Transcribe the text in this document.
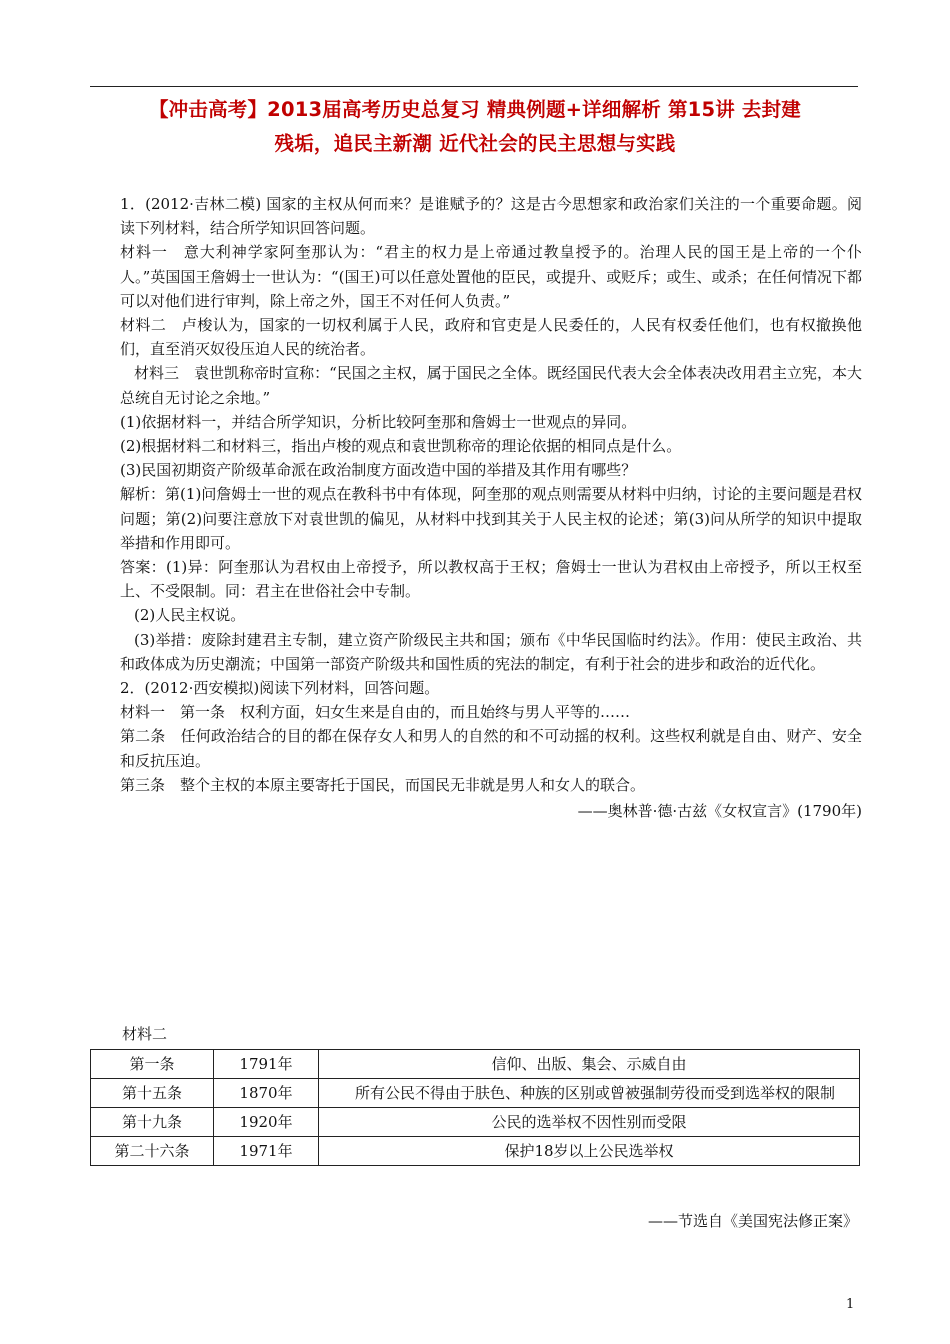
【冲击高考】2013届高考历史总复习 精典例题+详细解析 第15讲 去封建
残垢，追民主新潮 近代社会的民主思想与实践

1．(2012·吉林二模) 国家的主权从何而来？是谁赋予的？这是古今思想家和政治家们关注的一个重要命题。阅读下列材料，结合所学知识回答问题。

材料一　意大利神学家阿奎那认为：“君主的权力是上帝通过教皇授予的。治理人民的国王是上帝的一个仆人。”英国国王詹姆士一世认为：“(国王)可以任意处置他的臣民，或提升、或贬斥；或生、或杀；在任何情况下都可以对他们进行审判，除上帝之外，国王不对任何人负责。”

材料二　卢梭认为，国家的一切权利属于人民，政府和官吏是人民委任的，人民有权委任他们，也有权撤换他们，直至消灭奴役压迫人民的统治者。

材料三　袁世凯称帝时宣称：“民国之主权，属于国民之全体。既经国民代表大会全体表决改用君主立宪，本大总统自无讨论之余地。”

(1)依据材料一，并结合所学知识，分析比较阿奎那和詹姆士一世观点的异同。

(2)根据材料二和材料三，指出卢梭的观点和袁世凯称帝的理论依据的相同点是什么。

(3)民国初期资产阶级革命派在政治制度方面改造中国的举措及其作用有哪些？

解析：第(1)问詹姆士一世的观点在教科书中有体现，阿奎那的观点则需要从材料中归纳，讨论的主要问题是君权问题；第(2)问要注意放下对袁世凯的偏见，从材料中找到其关于人民主权的论述；第(3)问从所学的知识中提取举措和作用即可。

答案：(1)异：阿奎那认为君权由上帝授予，所以教权高于王权；詹姆士一世认为君权由上帝授予，所以王权至上、不受限制。同：君主在世俗社会中专制。

(2)人民主权说。

(3)举措：废除封建君主专制，建立资产阶级民主共和国；颁布《中华民国临时约法》。作用：使民主政治、共和政体成为历史潮流；中国第一部资产阶级共和国性质的宪法的制定，有利于社会的进步和政治的近代化。

2．(2012·西安模拟)阅读下列材料，回答问题。

材料一　第一条　权利方面，妇女生来是自由的，而且始终与男人平等的……

第二条　任何政治结合的目的都在保存女人和男人的自然的和不可动摇的权利。这些权利就是自由、财产、安全和反抗压迫。

第三条　整个主权的本原主要寄托于国民，而国民无非就是男人和女人的联合。

——奥林普·德·古兹《女权宣言》(1790年)

材料二
第一条	1791年	信仰、出版、集会、示威自由
第十五条	1870年	所有公民不得由于肤色、种族的区别或曾被强制劳役而受到选举权的限制
第十九条	1920年	公民的选举权不因性别而受限
第二十六条	1971年	保护18岁以上公民选举权
——节选自《美国宪法修正案》
1
